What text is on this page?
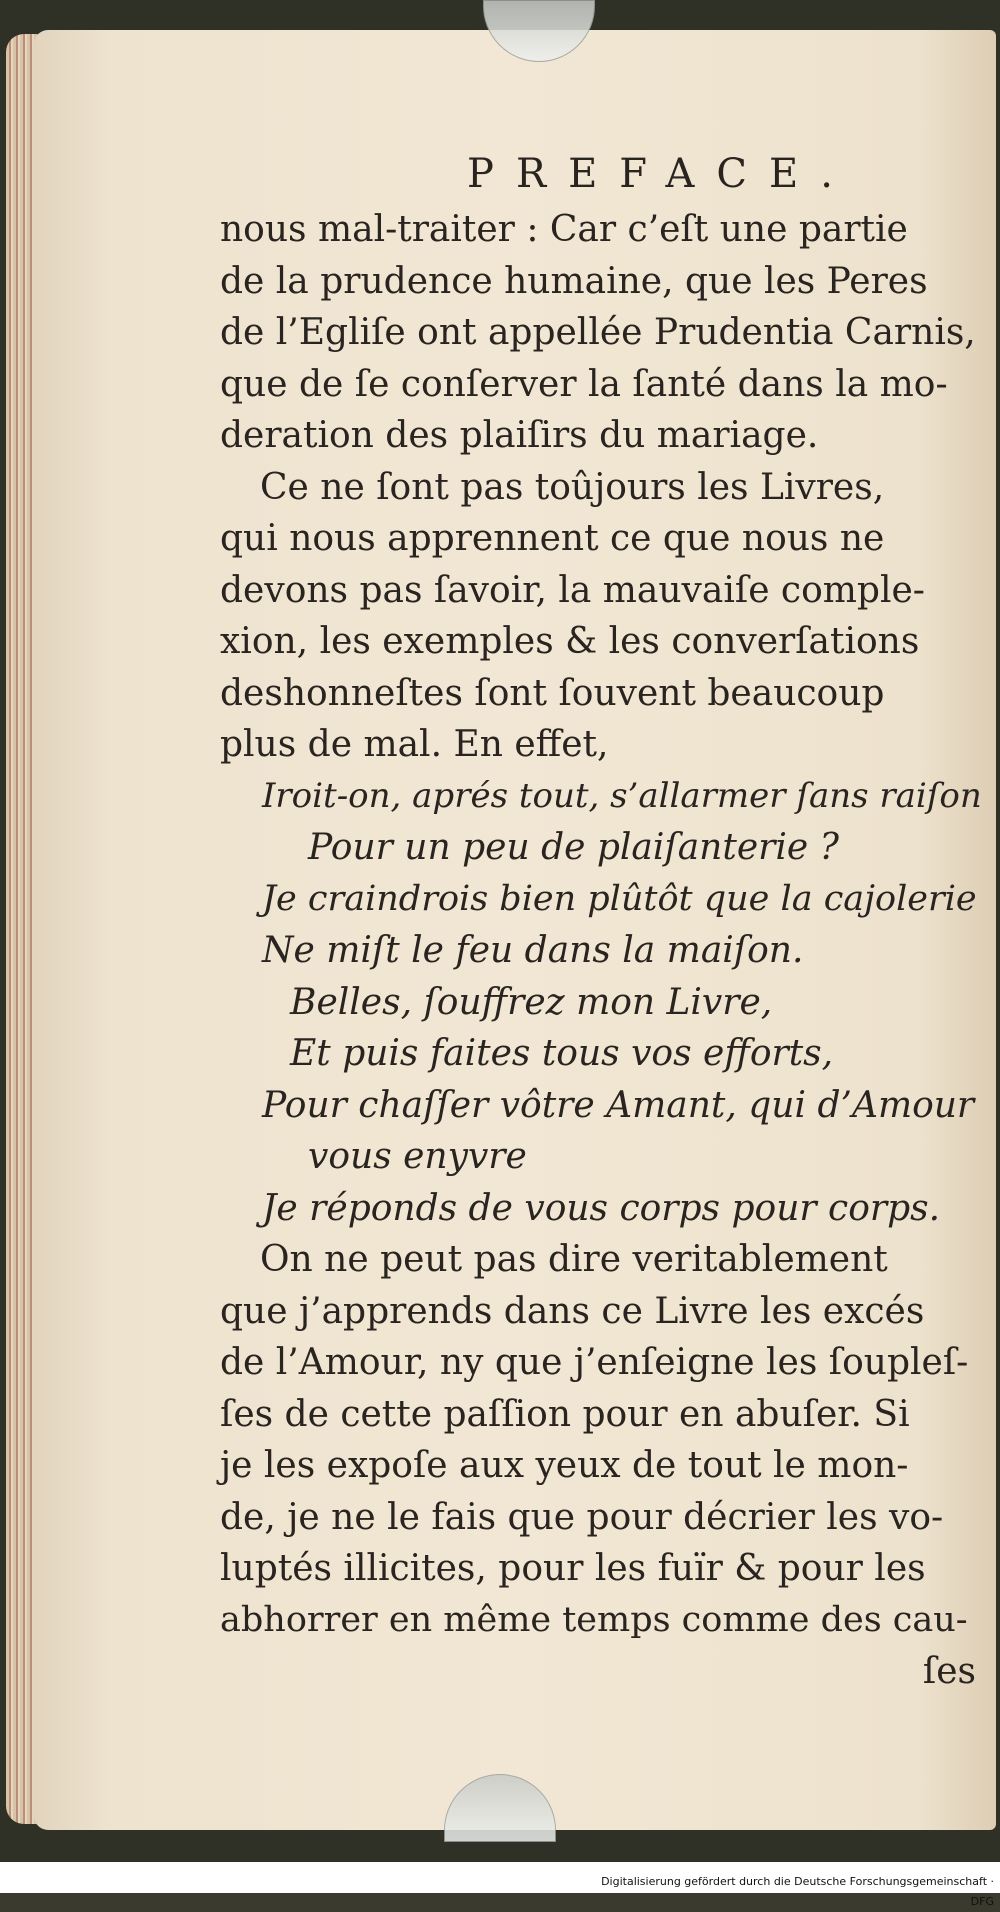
PREFACE.
nous mal-traiter : Car c’eſt une partie
de la prudence humaine, que les Peres
de l’Egliſe ont appellée Prudentia Carnis,
que de ſe conſerver la ſanté dans la mo-
deration des plaiſirs du mariage.
Ce ne ſont pas toûjours les Livres,
qui nous apprennent ce que nous ne
devons pas ſavoir, la mauvaiſe comple-
xion, les exemples & les converſations
deshonneſtes ſont ſouvent beaucoup
plus de mal. En effet,
Iroit-on, aprés tout, s’allarmer ſans raiſon
Pour un peu de plaiſanterie ?
Je craindrois bien plûtôt que la cajolerie
Ne miſt le feu dans la maiſon.
Belles, ſouffrez mon Livre,
Et puis faites tous vos efforts,
Pour chaſſer vôtre Amant, qui d’Amour
vous enyvre
Je réponds de vous corps pour corps.
On ne peut pas dire veritablement
que j’apprends dans ce Livre les excés
de l’Amour, ny que j’enſeigne les ſoupleſ-
ſes de cette paſſion pour en abuſer. Si
je les expoſe aux yeux de tout le mon-
de, je ne le fais que pour décrier les vo-
luptés illicites, pour les fuïr & pour les
abhorrer en même temps comme des cau-
ſes
Digitalisierung gefördert durch die Deutsche Forschungsgemeinschaft · DFG
